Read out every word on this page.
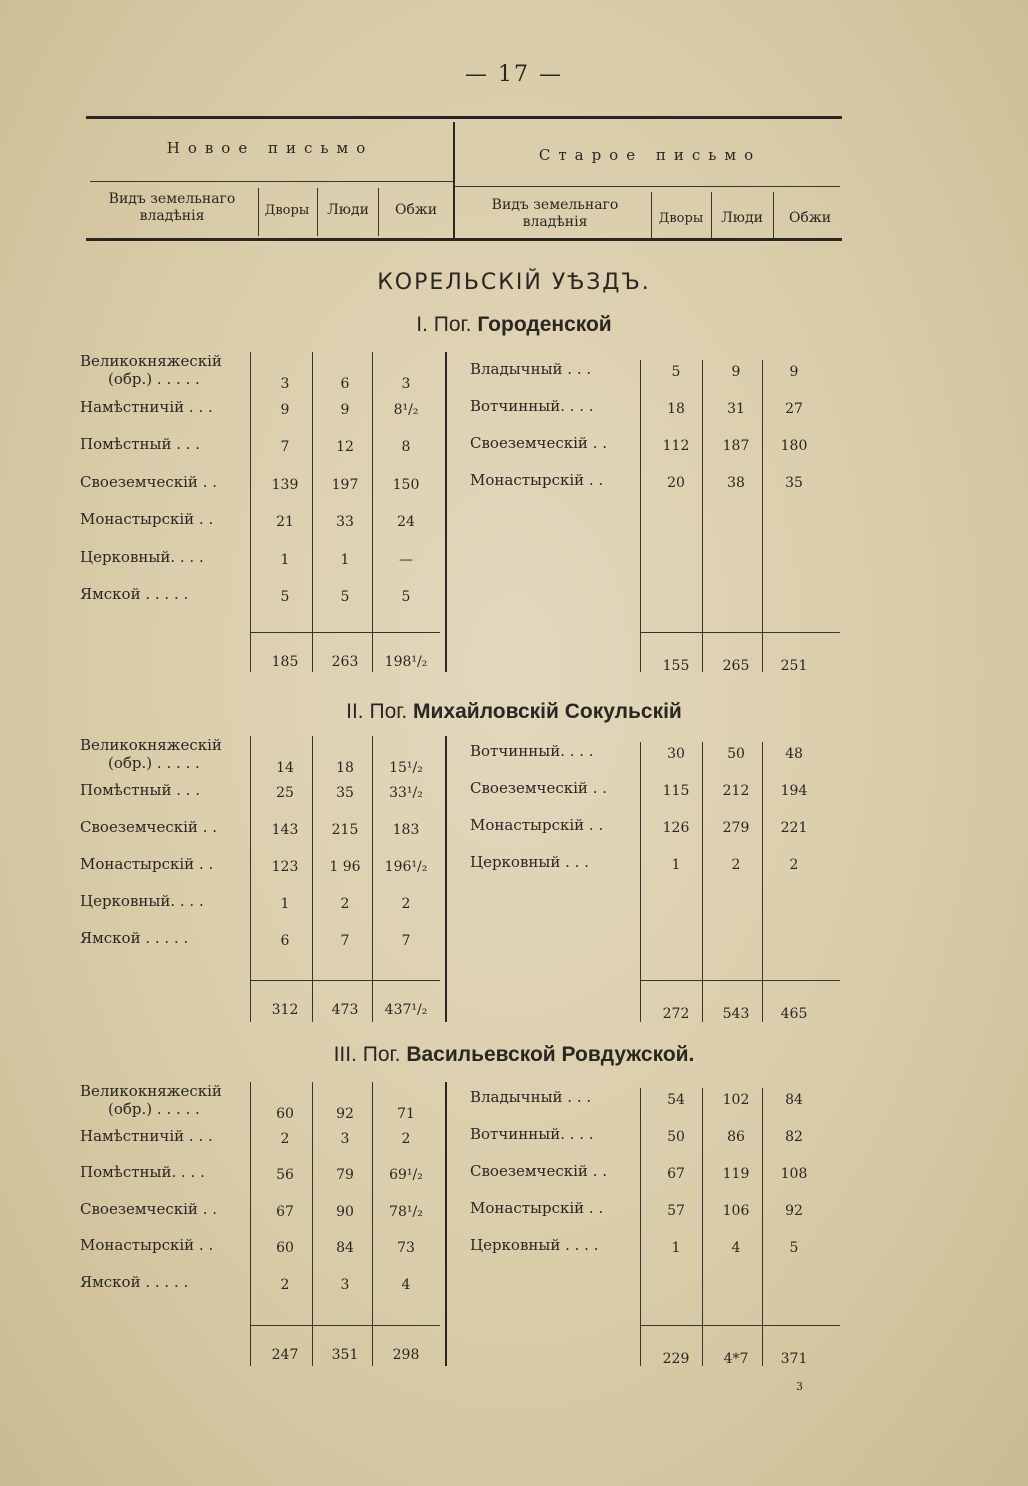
— 17 —
Новое письмо	Старое письмо
Видъ земельнаго владѣнія	Дворы	Люди	Обжи	Видъ земельнаго владѣнія	Дворы	Люди	Обжи
КОРЕЛЬСКІЙ УѢЗДЪ.
I. Пог. Городенской
Великокняжескій
(обр.) . . . . .	3	6	3
Намѣстничій . . .	9	9	8¹/₂
Помѣстный . . .	7	12	8
Своеземческій . .	139	197	150
Монастырскій . .	21	33	24
Церковный. . . .	1	1	—
Ямской . . . . .	5	5	5
185	263	198¹/₂
Владычный . . .	5	9	9
Вотчинный. . . .	18	31	27
Своеземческій . .	112	187	180
Монастырскій . .	20	38	35
155	265	251
II. Пог. Михайловскій Сокульскій
Великокняжескій
(обр.) . . . . .	14	18	15¹/₂
Помѣстный . . .	25	35	33¹/₂
Своеземческій . .	143	215	183
Монастырскій . .	123	1 96	196¹/₂
Церковный. . . .	1	2	2
Ямской . . . . .	6	7	7
312	473	437¹/₂
Вотчинный. . . .	30	50	48
Своеземческій . .	115	212	194
Монастырскій . .	126	279	221
Церковный . . .	1	2	2
272	543	465
III. Пог. Васильевской Ровдужской.
Великокняжескій
(обр.) . . . . .	60	92	71
Намѣстничій . . .	2	3	2
Помѣстный. . . .	56	79	69¹/₂
Своеземческій . .	67	90	78¹/₂
Монастырскій . .	60	84	73
Ямской . . . . .	2	3	4
247	351	298
Владычный . . .	54	102	84
Вотчинный. . . .	50	86	82
Своеземческій . .	67	119	108
Монастырскій . .	57	106	92
Церковный . . . .	1	4	5
229	4*7	371
3
